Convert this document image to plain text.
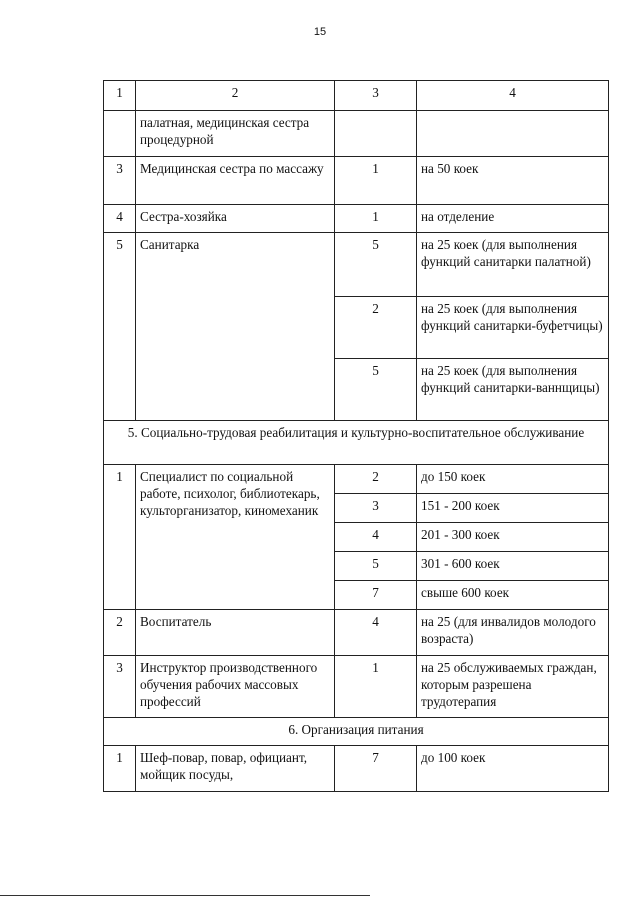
15
1	2	3	4
	палатная, медицинская сестра процедурной		
3	Медицинская сестра по массажу	1	на 50 коек
4	Сестра-хозяйка	1	на отделение
5	Санитарка	5	на 25 коек (для выполнения функций санитарки палатной)
		2	на 25 коек (для выполнения функций санитарки-буфетчицы)
		5	на 25 коек (для выполнения функций санитарки-ваннщицы)
5. Социально-трудовая реабилитация и культурно-воспитательное обслуживание			
1	Специалист по социальной работе, психолог, библиотекарь, культорганизатор, киномеханик	2	до 150 коек
		3	151 - 200 коек
		4	201 - 300 коек
		5	301 - 600 коек
		7	свыше 600 коек
2	Воспитатель	4	на 25 (для инвалидов молодого возраста)
3	Инструктор производственного обучения рабочих массовых профессий	1	на 25 обслуживаемых граждан, которым разрешена трудотерапия
6. Организация питания			
1	Шеф-повар, повар, официант, мойщик посуды,	7	до 100 коек
